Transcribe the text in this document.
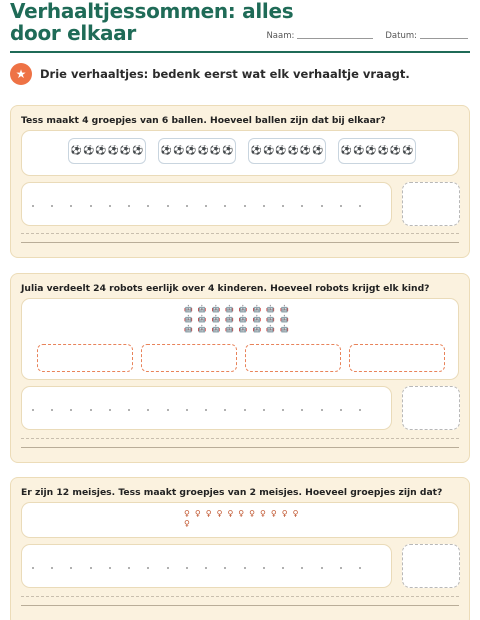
Verhaaltjessommen: alles
door elkaar	Naam:	Datum:
★	Drie verhaaltjes: bedenk eerst wat elk verhaaltje vraagt.
Tess maakt 4 groepjes van 6 ballen. Hoeveel ballen zijn dat bij elkaar?
⚽ ⚽ ⚽ ⚽ ⚽ ⚽ ⚽ ⚽ ⚽ ⚽ ⚽ ⚽ ⚽ ⚽ ⚽ ⚽ ⚽ ⚽ ⚽ ⚽ ⚽ ⚽ ⚽ ⚽
Julia verdeelt 24 robots eerlijk over 4 kinderen. Hoeveel robots krijgt elk kind?
🤖 🤖 🤖 🤖 🤖 🤖 🤖 🤖
🤖 🤖 🤖 🤖 🤖 🤖 🤖 🤖
🤖 🤖 🤖 🤖 🤖 🤖 🤖 🤖
Er zijn 12 meisjes. Tess maakt groepjes van 2 meisjes. Hoeveel groepjes zijn dat?
♀ ♀ ♀ ♀ ♀ ♀ ♀ ♀ ♀ ♀ ♀
♀
